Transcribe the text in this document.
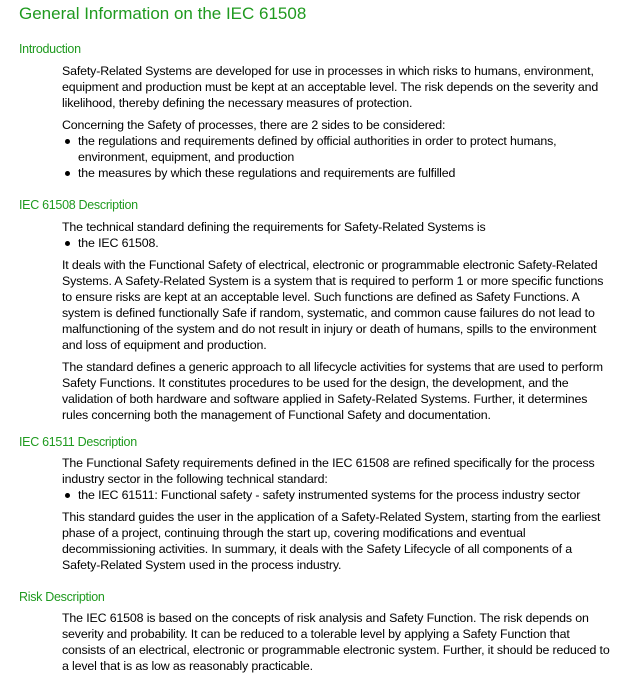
General Information on the IEC 61508
Introduction

Safety-Related Systems are developed for use in processes in which risks to humans, environment, equipment and production must be kept at an acceptable level. The risk depends on the severity and likelihood, thereby defining the necessary measures of protection.

Concerning the Safety of processes, there are 2 sides to be considered:

the regulations and requirements defined by official authorities in order to protect humans, environment, equipment, and production
the measures by which these regulations and requirements are fulfilled
IEC 61508 Description

The technical standard defining the requirements for Safety-Related Systems is

the IEC 61508.

It deals with the Functional Safety of electrical, electronic or programmable electronic Safety-Related Systems. A Safety-Related System is a system that is required to perform 1 or more specific functions to ensure risks are kept at an acceptable level. Such functions are defined as Safety Functions. A system is defined functionally Safe if random, systematic, and common cause failures do not lead to malfunctioning of the system and do not result in injury or death of humans, spills to the environment and loss of equipment and production.

The standard defines a generic approach to all lifecycle activities for systems that are used to perform Safety Functions. It constitutes procedures to be used for the design, the development, and the validation of both hardware and software applied in Safety-Related Systems. Further, it determines rules concerning both the management of Functional Safety and documentation.

IEC 61511 Description

The Functional Safety requirements defined in the IEC 61508 are refined specifically for the process industry sector in the following technical standard:

the IEC 61511: Functional safety - safety instrumented systems for the process industry sector

This standard guides the user in the application of a Safety-Related System, starting from the earliest phase of a project, continuing through the start up, covering modifications and eventual decommissioning activities. In summary, it deals with the Safety Lifecycle of all components of a Safety-Related System used in the process industry.

Risk Description

The IEC 61508 is based on the concepts of risk analysis and Safety Function. The risk depends on severity and probability. It can be reduced to a tolerable level by applying a Safety Function that consists of an electrical, electronic or programmable electronic system. Further, it should be reduced to a level that is as low as reasonably practicable.
